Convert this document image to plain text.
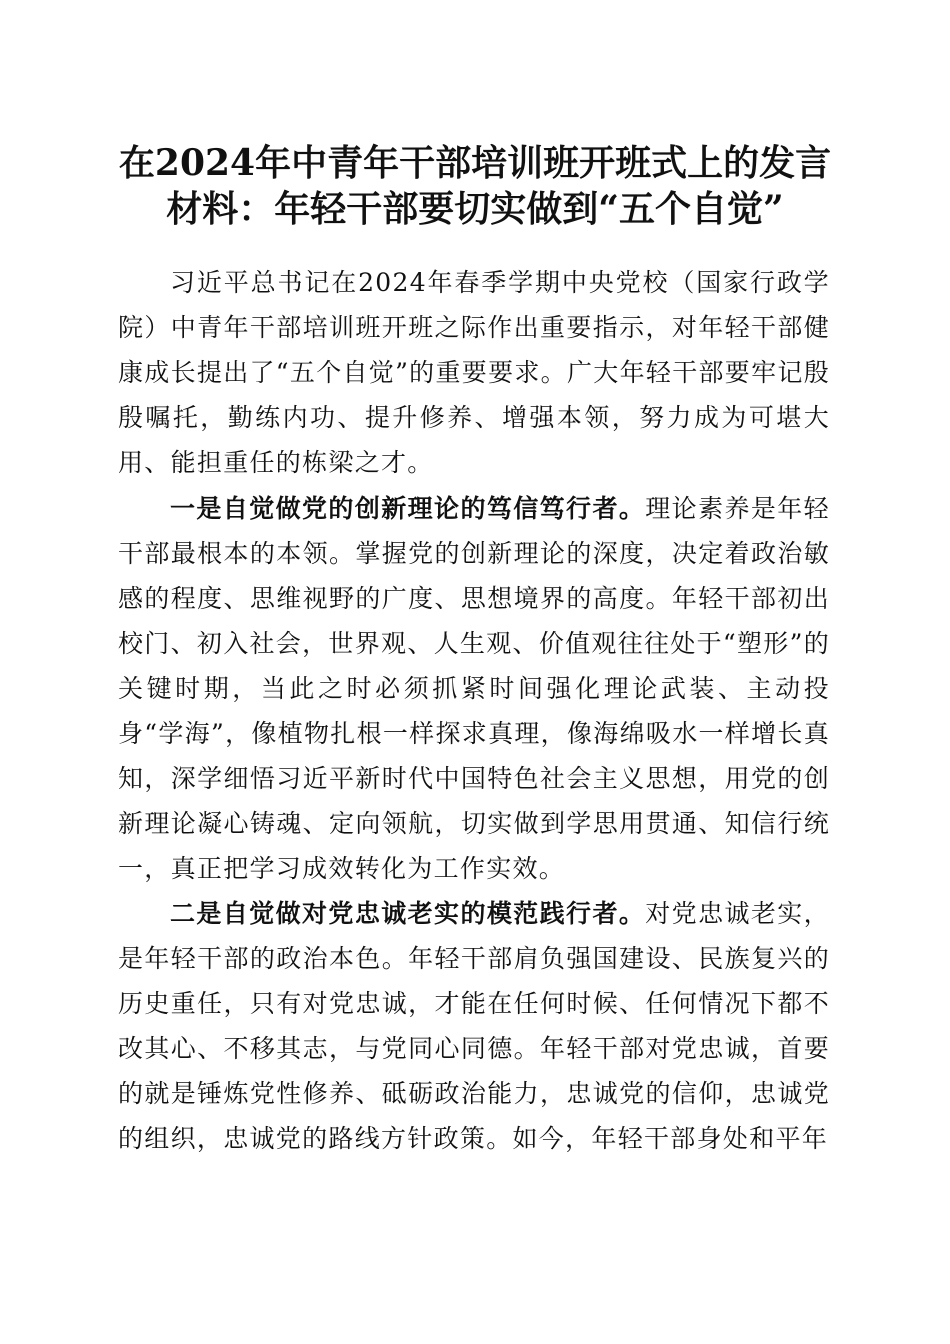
在2024年中青年干部培训班开班式上的发言
材料：年轻干部要切实做到“五个自觉”

习近平总书记在2024年春季学期中央党校（国家行政学院）中青年干部培训班开班之际作出重要指示，对年轻干部健康成长提出了“五个自觉”的重要要求。广大年轻干部要牢记殷殷嘱托，勤练内功、提升修养、增强本领，努力成为可堪大用、能担重任的栋梁之才。

一是自觉做党的创新理论的笃信笃行者。理论素养是年轻干部最根本的本领。掌握党的创新理论的深度，决定着政治敏感的程度、思维视野的广度、思想境界的高度。年轻干部初出校门、初入社会，世界观、人生观、价值观往往处于“塑形”的关键时期，当此之时必须抓紧时间强化理论武装、主动投身“学海”，像植物扎根一样探求真理，像海绵吸水一样增长真知，深学细悟习近平新时代中国特色社会主义思想，用党的创新理论凝心铸魂、定向领航，切实做到学思用贯通、知信行统一，真正把学习成效转化为工作实效。

二是自觉做对党忠诚老实的模范践行者。对党忠诚老实，是年轻干部的政治本色。年轻干部肩负强国建设、民族复兴的历史重任，只有对党忠诚，才能在任何时候、任何情况下都不改其心、不移其志，与党同心同德。年轻干部对党忠诚，首要的就是锤炼党性修养、砥砺政治能力，忠诚党的信仰，忠诚党的组织，忠诚党的路线方针政策。如今，年轻干部身处和平年
